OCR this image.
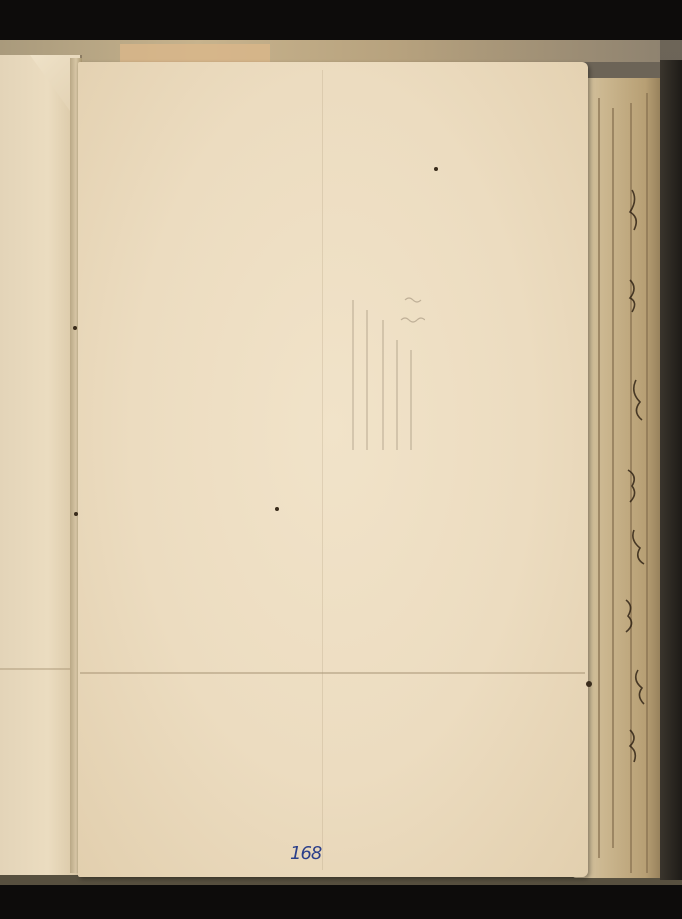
168
